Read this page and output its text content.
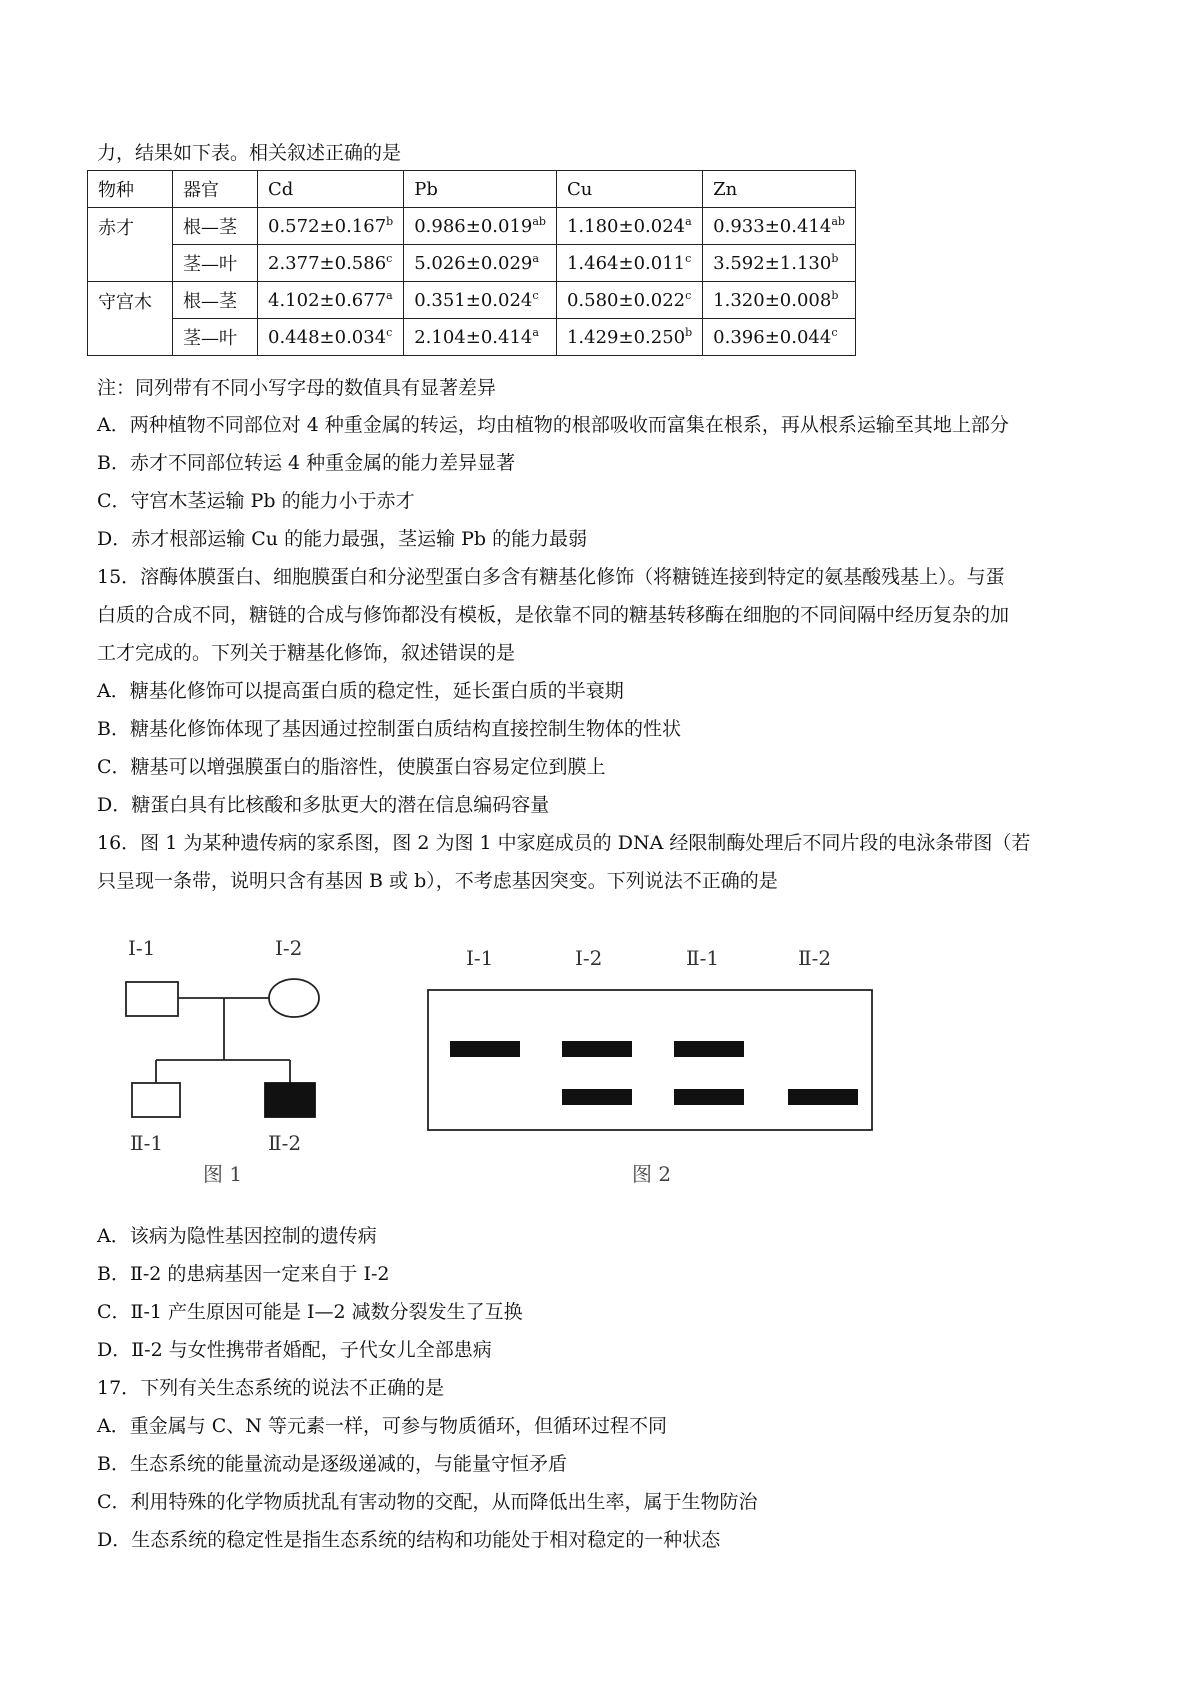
力，结果如下表。相关叙述正确的是
物种	器官	Cd	Pb	Cu	Zn
赤才	根—茎	0.572±0.167$^b$	0.986±0.019$^{ab}$	1.180±0.024$^a$	0.933±0.414$^{ab}$
	茎—叶	2.377±0.586$^c$	5.026±0.029$^a$	1.464±0.011$^c$	3.592±1.130$^b$
守宫木	根—茎	4.102±0.677$^a$	0.351±0.024$^c$	0.580±0.022$^c$	1.320±0.008$^b$
	茎—叶	0.448±0.034$^c$	2.104±0.414$^a$	1.429±0.250$^b$	0.396±0.044$^c$
注：同列带有不同小写字母的数值具有显著差异
A．两种植物不同部位对 4 种重金属的转运，均由植物的根部吸收而富集在根系，再从根系运输至其地上部分
B．赤才不同部位转运 4 种重金属的能力差异显著
C．守宫木茎运输 Pb 的能力小于赤才
D．赤才根部运输 Cu 的能力最强，茎运输 Pb 的能力最弱
15．溶酶体膜蛋白、细胞膜蛋白和分泌型蛋白多含有糖基化修饰（将糖链连接到特定的氨基酸残基上）。与蛋
白质的合成不同，糖链的合成与修饰都没有模板，是依靠不同的糖基转移酶在细胞的不同间隔中经历复杂的加
工才完成的。下列关于糖基化修饰，叙述错误的是
A．糖基化修饰可以提高蛋白质的稳定性，延长蛋白质的半衰期
B．糖基化修饰体现了基因通过控制蛋白质结构直接控制生物体的性状
C．糖基可以增强膜蛋白的脂溶性，使膜蛋白容易定位到膜上
D．糖蛋白具有比核酸和多肽更大的潜在信息编码容量
16．图 1 为某种遗传病的家系图，图 2 为图 1 中家庭成员的 DNA 经限制酶处理后不同片段的电泳条带图（若
只呈现一条带，说明只含有基因 B 或 b），不考虑基因突变。下列说法不正确的是
Ⅰ-1	Ⅰ-2
Ⅱ-1	Ⅱ-2
图 1
Ⅰ-1	Ⅰ-2	Ⅱ-1	Ⅱ-2
图 2
A．该病为隐性基因控制的遗传病
B．Ⅱ-2 的患病基因一定来自于 I-2
C．Ⅱ-1 产生原因可能是 I—2 减数分裂发生了互换
D．Ⅱ-2 与女性携带者婚配，子代女儿全部患病
17．下列有关生态系统的说法不正确的是
A．重金属与 C、N 等元素一样，可参与物质循环，但循环过程不同
B．生态系统的能量流动是逐级递减的，与能量守恒矛盾
C．利用特殊的化学物质扰乱有害动物的交配，从而降低出生率，属于生物防治
D．生态系统的稳定性是指生态系统的结构和功能处于相对稳定的一种状态
